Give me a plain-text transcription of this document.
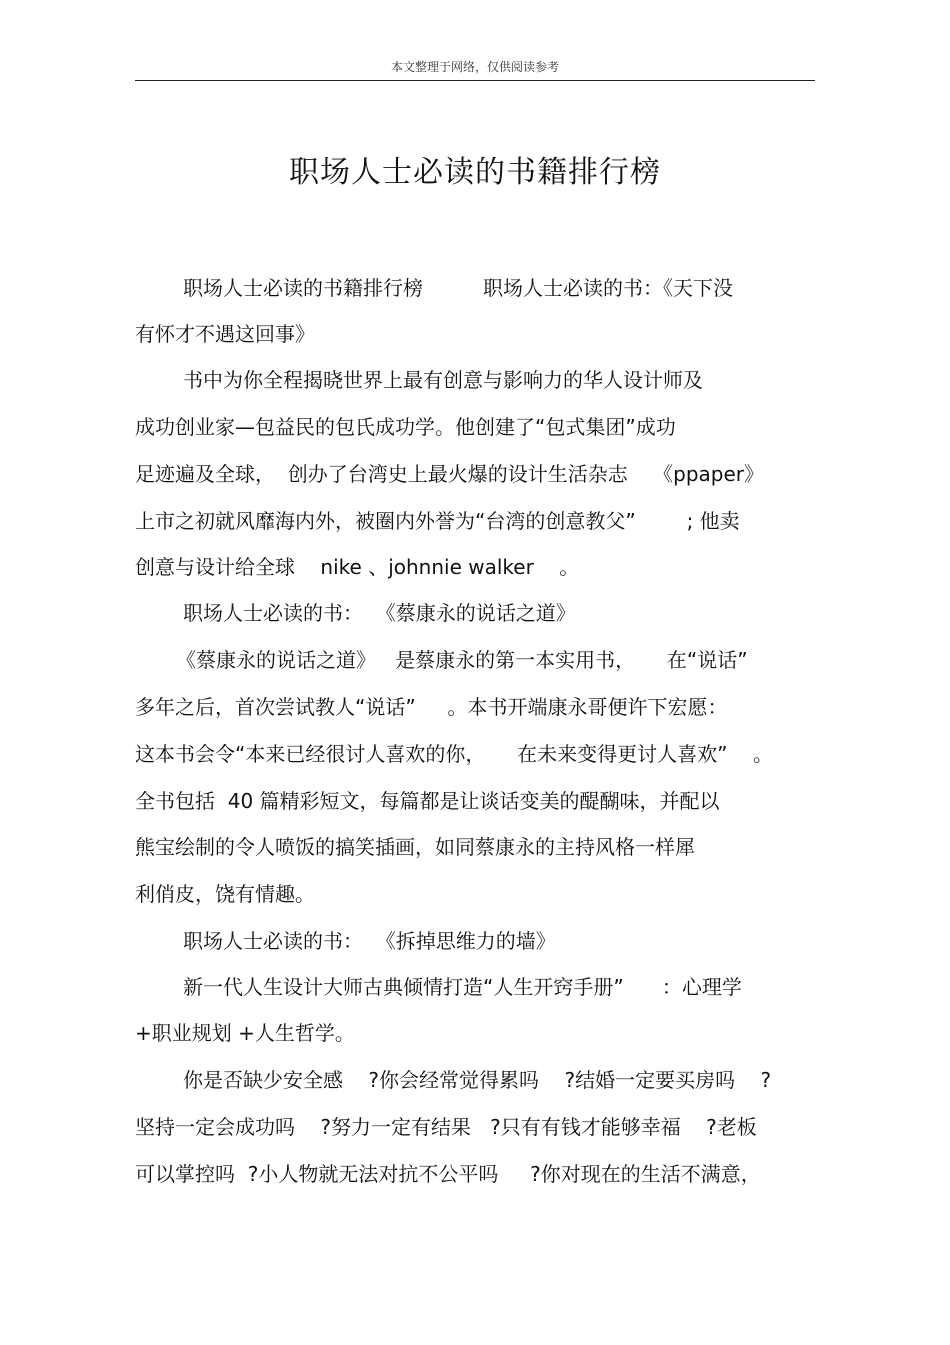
本文整理于网络，仅供阅读参考
职场人士必读的书籍排行榜
职场人士必读的书籍排行榜　　　职场人士必读的书：《天下没
有怀才不遇这回事》
书中为你全程揭晓世界上最有创意与影响力的华人设计师及
成功创业家—包益民的包氏成功学。他创建了“包式集团”成功
足迹遍及全球，  创办了台湾史上最火爆的设计生活杂志    《ppaper》
上市之初就风靡海内外，被圈内外誉为“台湾的创意教父”        ; 他卖
创意与设计给全球    nike 、johnnie walker    。
职场人士必读的书：  《蔡康永的说话之道》
《蔡康永的说话之道》   是蔡康永的第一本实用书，     在“说话”
多年之后，首次尝试教人“说话”     。本书开端康永哥便许下宏愿：
这本书会令“本来已经很讨人喜欢的你，     在未来变得更讨人喜欢”    。
全书包括  40 篇精彩短文，每篇都是让谈话变美的醍醐味，并配以
熊宝绘制的令人喷饭的搞笑插画，如同蔡康永的主持风格一样犀
利俏皮，饶有情趣。
职场人士必读的书：  《拆掉思维力的墙》
新一代人生设计大师古典倾情打造“人生开窍手册”      ：心理学
+职业规划 +人生哲学。
你是否缺少安全感    ?你会经常觉得累吗    ?结婚一定要买房吗    ?
坚持一定会成功吗    ?努力一定有结果   ?只有有钱才能够幸福    ?老板
可以掌控吗  ?小人物就无法对抗不公平吗     ?你对现在的生活不满意，
